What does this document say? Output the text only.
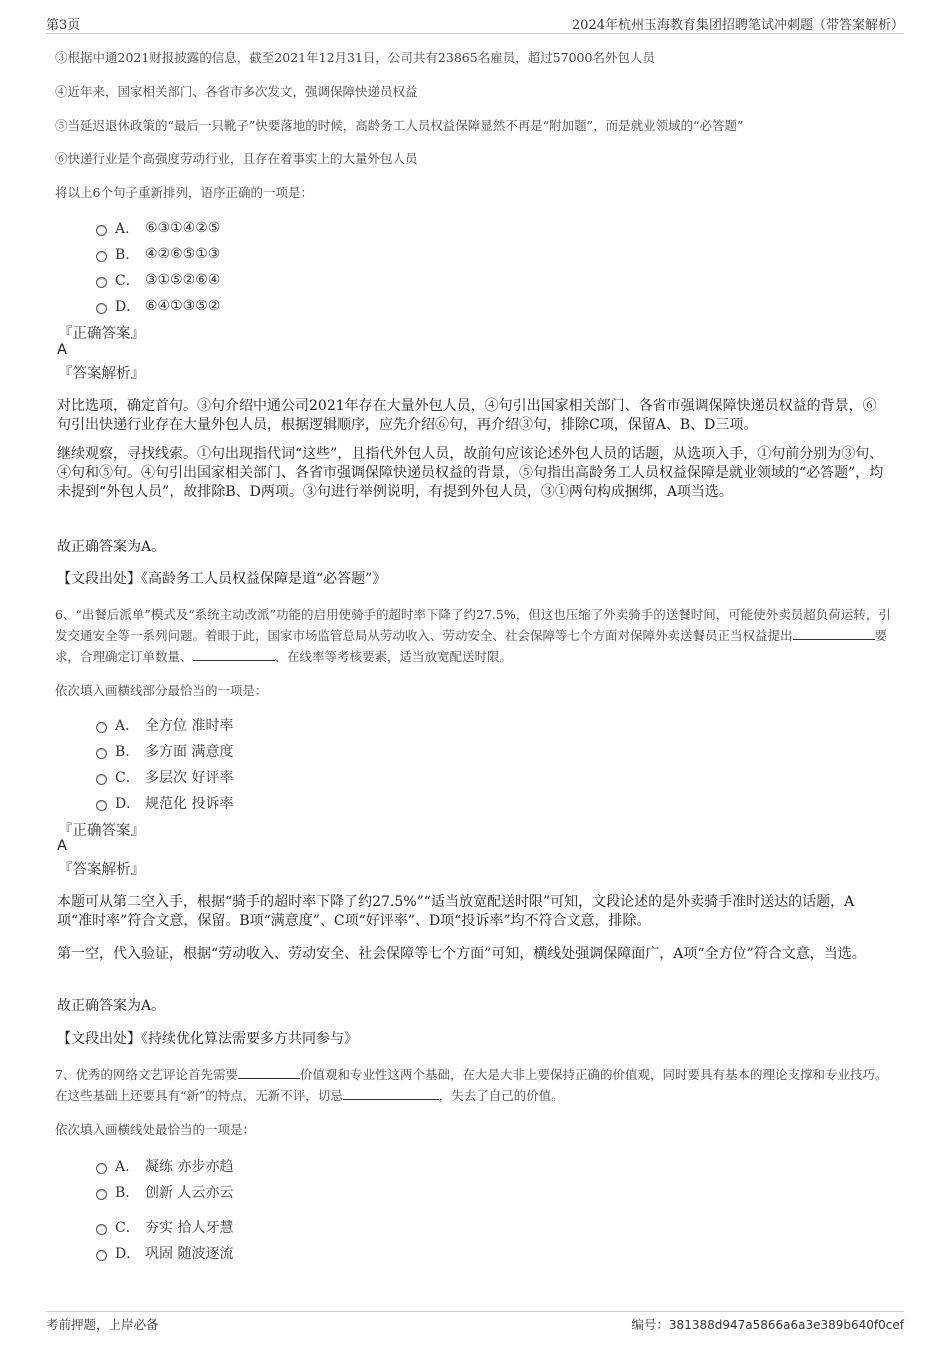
第3页	2024年杭州玉海教育集团招聘笔试冲刺题（带答案解析）
③根据中通2021财报披露的信息，截至2021年12月31日，公司共有23865名雇员，超过57000名外包人员
④近年来，国家相关部门、各省市多次发文，强调保障快递员权益
⑤当延迟退休政策的“最后一只靴子”快要落地的时候，高龄务工人员权益保障显然不再是“附加题”，而是就业领域的“必答题”
⑥快递行业是个高强度劳动行业，且存在着事实上的大量外包人员
将以上6个句子重新排列，语序正确的一项是：
A． ⑥③①④②⑤
B． ④②⑥⑤①③
C． ③①⑤②⑥④
D． ⑥④①③⑤②
『正确答案』
A
『答案解析』
对比选项，确定首句。③句介绍中通公司2021年存在大量外包人员，④句引出国家相关部门、各省市强调保障快递员权益的背景，⑥句引出快递行业存在大量外包人员，根据逻辑顺序，应先介绍⑥句，再介绍③句，排除C项，保留A、B、D三项。
继续观察，寻找线索。①句出现指代词“这些”，且指代外包人员，故前句应该论述外包人员的话题，从选项入手，①句前分别为③句、④句和⑤句。④句引出国家相关部门、各省市强调保障快递员权益的背景，⑤句指出高龄务工人员权益保障是就业领域的“必答题”，均未提到“外包人员”，故排除B、D两项。③句进行举例说明，有提到外包人员，③①两句构成捆绑，A项当选。
故正确答案为A。
【文段出处】《高龄务工人员权益保障是道“必答题”》
6、“出餐后派单”模式及“系统主动改派”功能的启用使骑手的超时率下降了约27.5%，但这也压缩了外卖骑手的送餐时间，可能使外卖员超负荷运转，引发交通安全等一系列问题。着眼于此，国家市场监管总局从劳动收入、劳动安全、社会保障等七个方面对保障外卖送餐员正当权益提出	要求，合理确定订单数量、	、在线率等考核要素，适当放宽配送时限。
依次填入画横线部分最恰当的一项是：
A． 全方位 准时率
B． 多方面 满意度
C． 多层次 好评率
D． 规范化 投诉率
『正确答案』
A
『答案解析』
本题可从第二空入手，根据“骑手的超时率下降了约27.5%”“适当放宽配送时限”可知，文段论述的是外卖骑手准时送达的话题，A项“准时率”符合文意，保留。B项“满意度”、C项“好评率”、D项“投诉率”均不符合文意，排除。
第一空，代入验证，根据“劳动收入、劳动安全、社会保障等七个方面”可知，横线处强调保障面广，A项“全方位”符合文意，当选。
故正确答案为A。
【文段出处】《持续优化算法需要多方共同参与》
7、优秀的网络文艺评论首先需要	价值观和专业性这两个基础，在大是大非上要保持正确的价值观，同时要具有基本的理论支撑和专业技巧。在这些基础上还要具有“新”的特点，无新不评，切忌	，失去了自己的价值。
依次填入画横线处最恰当的一项是：
A． 凝练 亦步亦趋
B． 创新 人云亦云
C． 夯实 拾人牙慧
D． 巩固 随波逐流
考前押题，上岸必备	编号：381388d947a5866a6a3e389b640f0cef
